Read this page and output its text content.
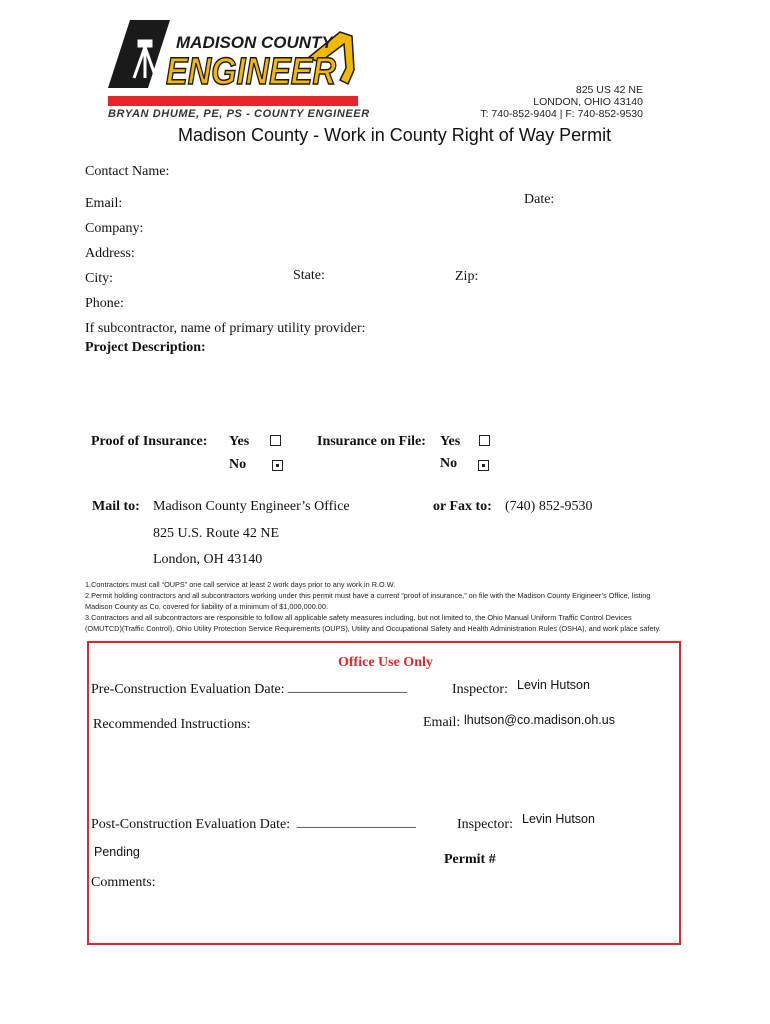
MADISON COUNTY
ENGINEER
BRYAN DHUME, PE, PS - COUNTY ENGINEER
825 US 42 NE
LONDON, OHIO 43140
T: 740-852-9404 | F: 740-852-9530
Madison County - Work in County Right of Way Permit
Contact Name:
Email:	Date:
Company:
Address:
City:	State:	Zip:
Phone:
If subcontractor, name of primary utility provider:
Project Description:
Proof of Insurance: Yes
No
Insurance on File: Yes
No
Mail to: Madison County Engineer’s Office
825 U.S. Route 42 NE
London, OH 43140
or Fax to: (740) 852-9530
1.Contractors must call “OUPS” one call service at least 2 work days prior to any work in R.O.W.
2.Permit holding contractors and all subcontractors working under this permit must have a current “proof of insurance,” on file with the Madison County Engineer’s Office, listing
Madison County as Co. covered for liability of a minimum of $1,000,000.00.
3.Contractors and all subcontractors are responsible to follow all applicable safety measures including, but not limited to, the Ohio Manual Uniform Traffic Control Devices
(OMUTCD)(Traffic Control), Ohio Utility Protection Service Requirements (OUPS), Utility and Occupational Safety and Health Administration Rules (OSHA), and work place safety.
Office Use Only
Pre-Construction Evaluation Date: _________________	Inspector: Levin Hutson
Recommended Instructions:	Email: lhutson@co.madison.oh.us
Post-Construction Evaluation Date: _________________	Inspector: Levin Hutson
Pending	Permit #
Comments:
